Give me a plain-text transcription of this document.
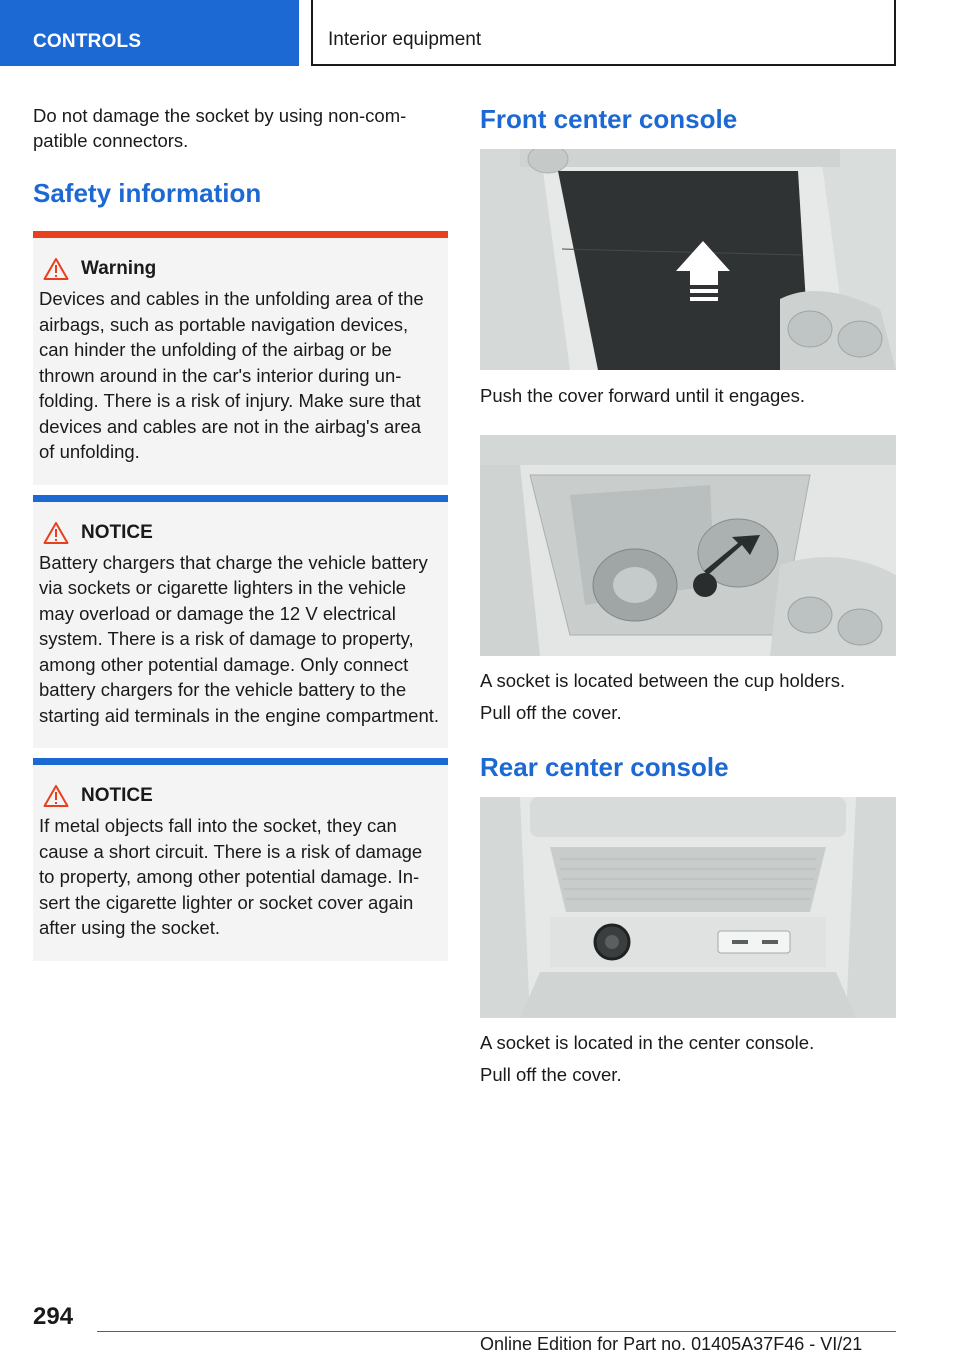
CONTROLS	Interior equipment

Do not damage the socket by using non-compatible connectors.

Safety information
Warning

Devices and cables in the unfolding area of the airbags, such as portable navigation devices, can hinder the unfolding of the airbag or be thrown around in the car's interior during unfolding. There is a risk of injury. Make sure that devices and cables are not in the airbag's area of unfolding.

NOTICE

Battery chargers that charge the vehicle battery via sockets or cigarette lighters in the vehicle may overload or damage the 12 V electrical system. There is a risk of damage to property, among other potential damage. Only connect battery chargers for the vehicle battery to the starting aid terminals in the engine compartment.

NOTICE

If metal objects fall into the socket, they can cause a short circuit. There is a risk of damage to property, among other potential damage. Insert the cigarette lighter or socket cover again after using the socket.

Front center console

Push the cover forward until it engages.

A socket is located between the cup holders.

Pull off the cover.

Rear center console

A socket is located in the center console.

Pull off the cover.

294
Online Edition for Part no. 01405A37F46 - VI/21
